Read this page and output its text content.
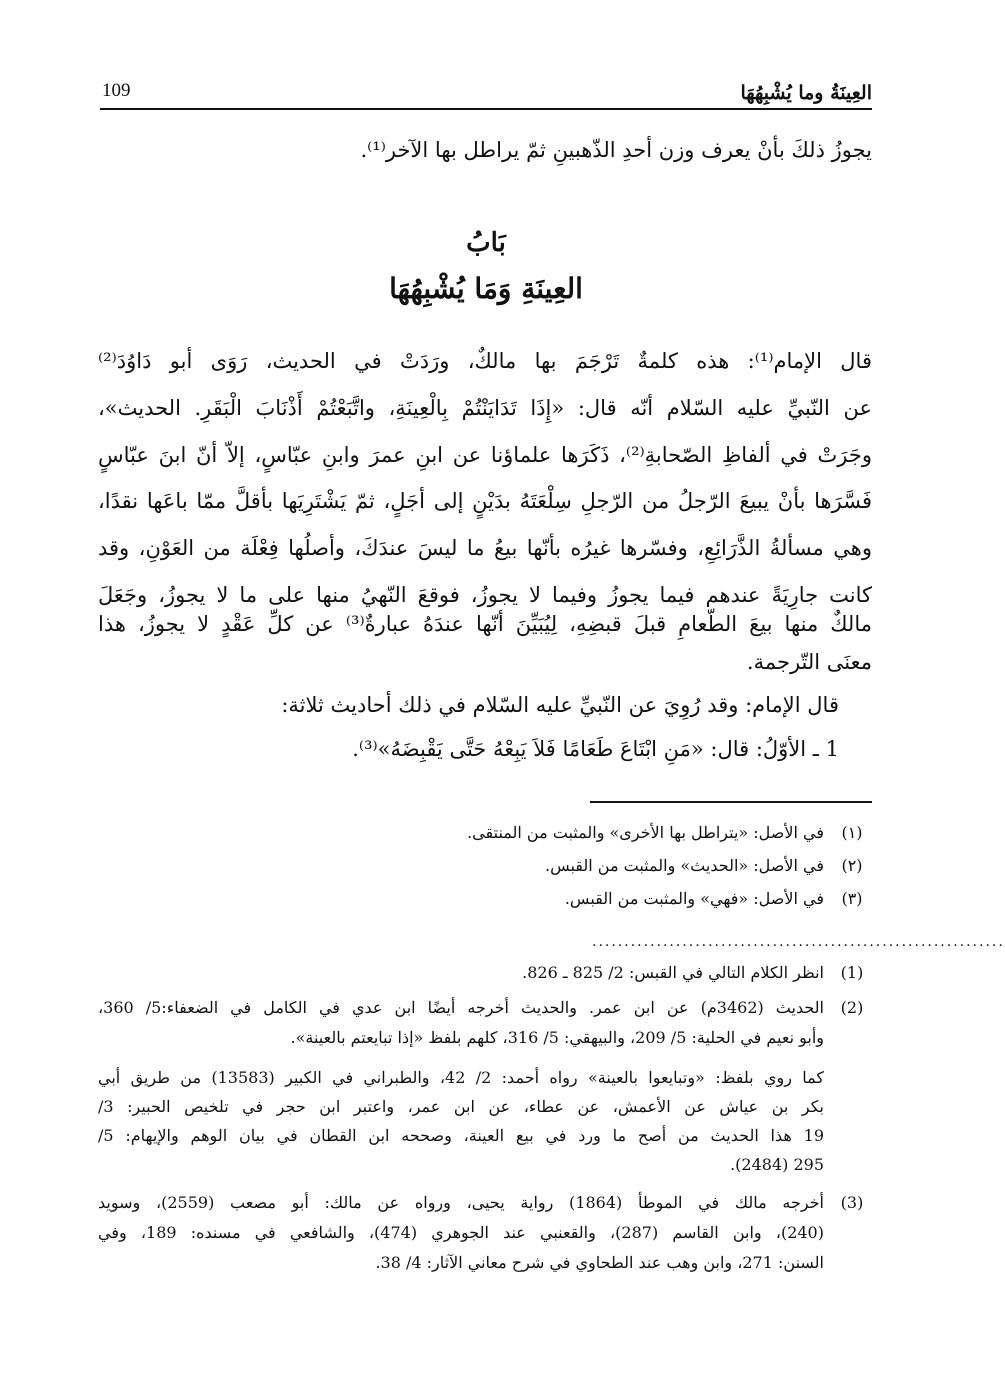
العِينَةُ وما يُشْبِهُهَا
109
يجوزُ ذلكَ بأنْ يعرف وزن أحدِ الذّهبينِ ثمّ يراطل بها الآخر⁽¹⁾.
بَابُ
العِينَةِ وَمَا يُشْبِهُهَا
قال الإمام⁽¹⁾: هذه كلمةٌ تَرْجَمَ بها مالكٌ، ورَدَتْ في الحديث، رَوَى أبو دَاوُدَ⁽²⁾
عن النّبيِّ عليه السّلام أنّه قال: «إِذَا تَدَايَنْتُمْ بِالْعِينَةِ، واتَّبَعْتُمْ أَذْنَابَ الْبَقَرِ. الحديث»،
وجَرَتْ في ألفاظِ الصّحابةِ⁽²⁾، ذَكَرَها علماؤنا عن ابنِ عمرَ وابنِ عبّاسٍ، إلاّ أنّ ابنَ عبّاسٍ
فَسَّرَها بأنْ يبيعَ الرّجلُ من الرّجلِ سِلْعَتَهُ بدَيْنٍ إلى أجَلٍ، ثمّ يَشْتَرِيَها بأقلَّ ممّا باعَها نقدًا،
وهي مسألةُ الذَّرَائِعِ، وفسّرها غيرُه بأنّها بيعُ ما ليسَ عندَكَ، وأصلُها فِعْلَة من العَوْنِ، وقد
كانت جارِيَةً عندهم فيما يجوزُ وفيما لا يجوزُ، فوقعَ النّهيُ منها على ما لا يجوزُ، وجَعَلَ
مالكٌ منها بيعَ الطّعامِ قبلَ قبضِهِ، لِيُبَيِّنَ أنّها عندَهُ عبارةٌ⁽³⁾ عن كلِّ عَقْدٍ لا يجوزُ، هذا
معنَى التّرجمة.
قال الإمام: وقد رُوِيَ عن النّبيِّ عليه السّلام في ذلك أحاديث ثلاثة:
1 ـ الأوّلُ: قال: «مَنِ ابْتَاعَ طَعَامًا فَلاَ يَبِعْهُ حَتَّى يَقْبِضَهُ»⁽³⁾.
(١)
في الأصل: «يتراطل بها الأخرى» والمثبت من المنتقى.
(٢)
في الأصل: «الحديث» والمثبت من القبس.
(٣)
في الأصل: «فهي» والمثبت من القبس.
................................................................
(1)
انظر الكلام التالي في القبس: 2/ 825 ـ 826.
(2)
الحديث (3462م) عن ابن عمر. والحديث أخرجه أيضًا ابن عدي في الكامل في الضعفاء:5/ 360،
وأبو نعيم في الحلية: 5/ 209، والبيهقي: 5/ 316، كلهم بلفظ «إذا تبايعتم بالعينة».
كما روي بلفظ: «وتبايعوا بالعينة» رواه أحمد: 2/ 42، والطبراني في الكبير (13583) من طريق أبي
بكر بن عياش عن الأعمش، عن عطاء، عن ابن عمر، واعتبر ابن حجر في تلخيص الحبير: 3/
19 هذا الحديث من أصح ما ورد في بيع العينة، وصححه ابن القطان في بيان الوهم والإيهام: 5/
295 (2484).
(3)
أخرجه مالك في الموطأ (1864) رواية يحيى، ورواه عن مالك: أبو مصعب (2559)، وسويد
(240)، وابن القاسم (287)، والقعنبي عند الجوهري (474)، والشافعي في مسنده: 189، وفي
السنن: 271، وابن وهب عند الطحاوي في شرح معاني الآثار: 4/ 38.
